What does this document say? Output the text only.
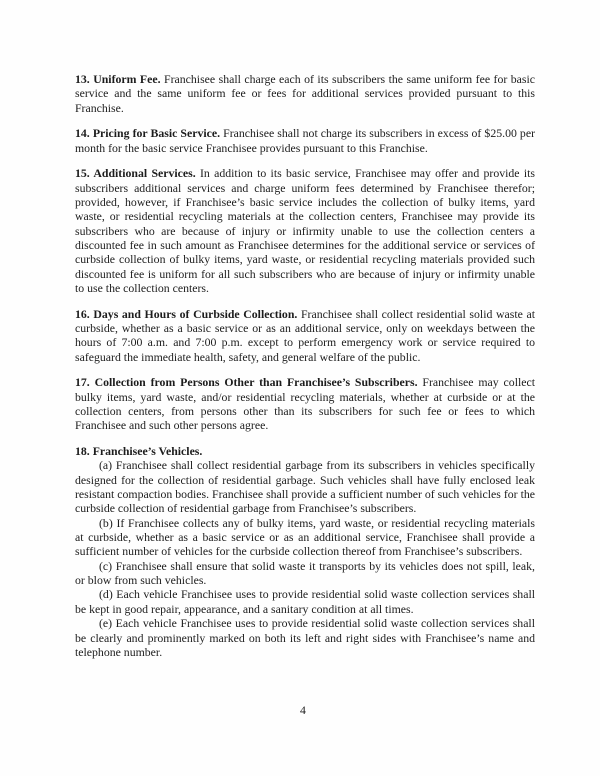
13. Uniform Fee. Franchisee shall charge each of its subscribers the same uniform fee for basic service and the same uniform fee or fees for additional services provided pursuant to this Franchise.

14. Pricing for Basic Service. Franchisee shall not charge its subscribers in excess of $25.00 per month for the basic service Franchisee provides pursuant to this Franchise.

15. Additional Services. In addition to its basic service, Franchisee may offer and provide its subscribers additional services and charge uniform fees determined by Franchisee therefor; provided, however, if Franchisee’s basic service includes the collection of bulky items, yard waste, or residential recycling materials at the collection centers, Franchisee may provide its subscribers who are because of injury or infirmity unable to use the collection centers a discounted fee in such amount as Franchisee determines for the additional service or services of curbside collection of bulky items, yard waste, or residential recycling materials provided such discounted fee is uniform for all such subscribers who are because of injury or infirmity unable to use the collection centers.

16. Days and Hours of Curbside Collection. Franchisee shall collect residential solid waste at curbside, whether as a basic service or as an additional service, only on weekdays between the hours of 7:00 a.m. and 7:00 p.m. except to perform emergency work or service required to safeguard the immediate health, safety, and general welfare of the public.

17. Collection from Persons Other than Franchisee’s Subscribers. Franchisee may collect bulky items, yard waste, and/or residential recycling materials, whether at curbside or at the collection centers, from persons other than its subscribers for such fee or fees to which Franchisee and such other persons agree.

18. Franchisee’s Vehicles.

(a) Franchisee shall collect residential garbage from its subscribers in vehicles specifically designed for the collection of residential garbage. Such vehicles shall have fully enclosed leak resistant compaction bodies. Franchisee shall provide a sufficient number of such vehicles for the curbside collection of residential garbage from Franchisee’s subscribers.

(b) If Franchisee collects any of bulky items, yard waste, or residential recycling materials at curbside, whether as a basic service or as an additional service, Franchisee shall provide a sufficient number of vehicles for the curbside collection thereof from Franchisee’s subscribers.

(c) Franchisee shall ensure that solid waste it transports by its vehicles does not spill, leak, or blow from such vehicles.

(d) Each vehicle Franchisee uses to provide residential solid waste collection services shall be kept in good repair, appearance, and a sanitary condition at all times.

(e) Each vehicle Franchisee uses to provide residential solid waste collection services shall be clearly and prominently marked on both its left and right sides with Franchisee’s name and telephone number.

4
